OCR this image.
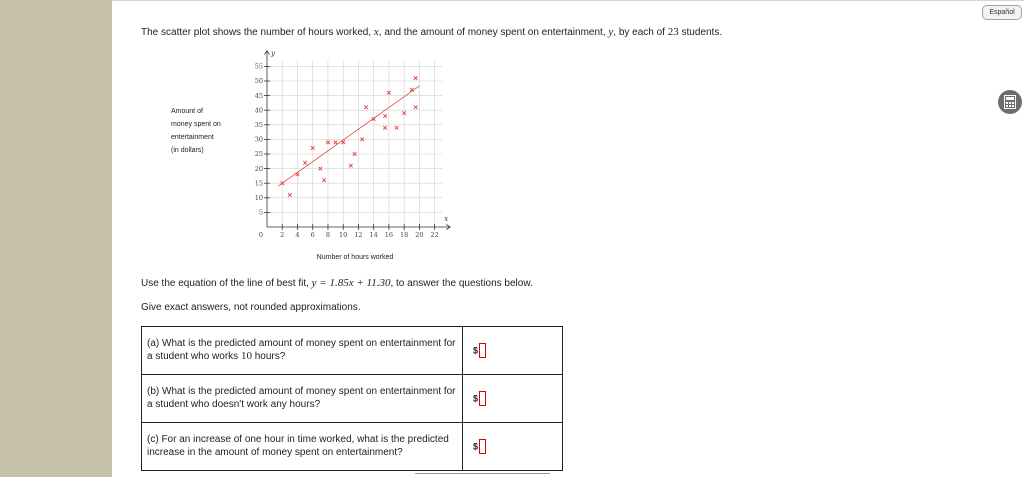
Español
The scatter plot shows the number of hours worked, x, and the amount of money spent on entertainment, y, by each of 23 students.
Amount of
money spent on
entertainment
(in dollars)
2 4 6 8 10 12 14 16 18 20 22
5
10
15
20
25
30
35
40
45
50
55
0
x
y
Number of hours worked
Use the equation of the line of best fit, y = 1.85x + 11.30, to answer the questions below.
Give exact answers, not rounded approximations.
(a) What is the predicted amount of money spent on entertainment for a student who works 10 hours?	$
(b) What is the predicted amount of money spent on entertainment for a student who doesn't work any hours?	$
(c) For an increase of one hour in time worked, what is the predicted increase in the amount of money spent on entertainment?	$
